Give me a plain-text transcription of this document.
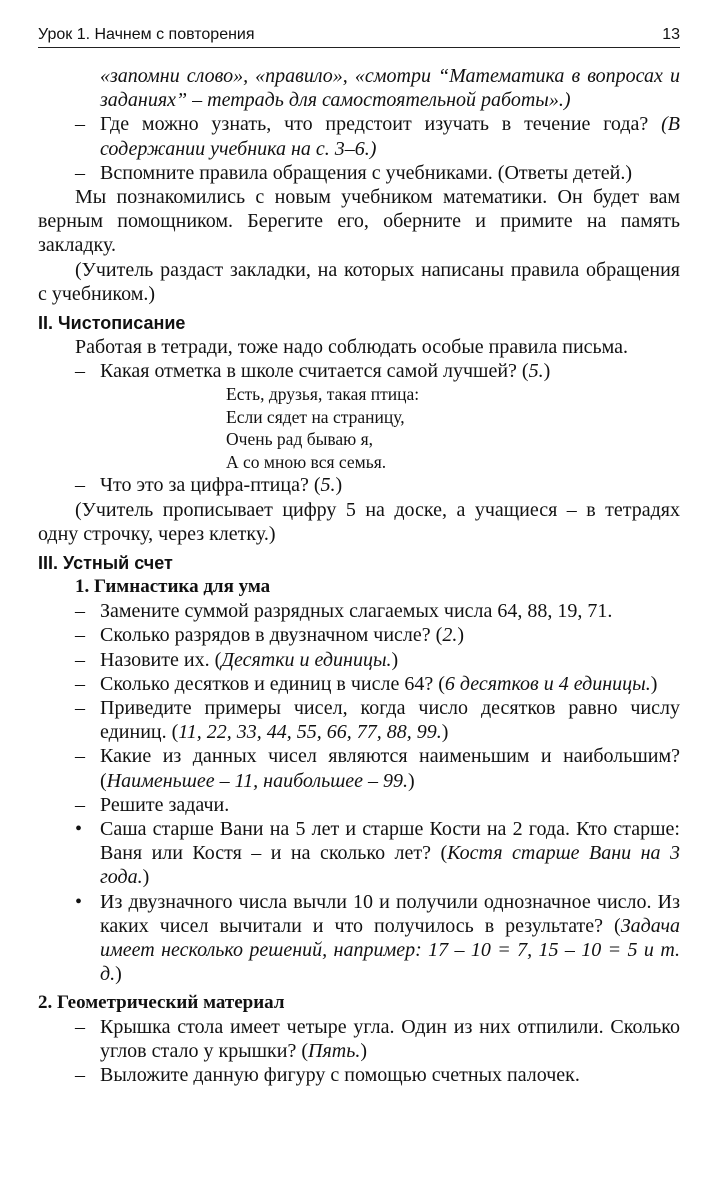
Урок 1. Начнем с повторения	13

«запомни слово», «правило», «смотри “Математика в вопросах и заданиях” – тетрадь для самостоятельной работы».)

– Где можно узнать, что предстоит изучать в течение года? (В содержании учебника на с. 3–6.)
– Вспомните правила обращения с учебниками. (Ответы детей.)

Мы познакомились с новым учебником математики. Он будет вам верным помощником. Берегите его, обернитe и примите на память закладку.

(Учитель раздаст закладки, на которых написаны правила обращения с учебником.)

II. Чистописание

Работая в тетради, тоже надо соблюдать особые правила письма.

– Какая отметка в школе считается самой лучшей? (5.)
Есть, друзья, такая птица:
Если сядет на страницу,
Очень рад бываю я,
А со мною вся семья.
– Что это за цифра-птица? (5.)

(Учитель прописывает цифру 5 на доске, а учащиеся – в тетрадях одну строчку, через клетку.)

III. Устный счет
1. Гимнастика для ума
– Замените суммой разрядных слагаемых числа 64, 88, 19, 71.
– Сколько разрядов в двузначном числе? (2.)
– Назовите их. (Десятки и единицы.)
– Сколько десятков и единиц в числе 64? (6 десятков и 4 единицы.)
– Приведите примеры чисел, когда число десятков равно числу единиц. (11, 22, 33, 44, 55, 66, 77, 88, 99.)
– Какие из данных чисел являются наименьшим и наибольшим? (Наименьшее – 11, наибольшее – 99.)
– Решите задачи.
• Саша старше Вани на 5 лет и старше Кости на 2 года. Кто старше: Ваня или Костя – и на сколько лет? (Костя старше Вани на 3 года.)
• Из двузначного числа вычли 10 и получили однозначное число. Из каких чисел вычитали и что получилось в результате? (Задача имеет несколько решений, например: 17 – 10 = 7, 15 – 10 = 5 и т. д.)
2. Геометрический материал
– Крышка стола имеет четыре угла. Один из них отпилили. Сколько углов стало у крышки? (Пять.)
– Выложите данную фигуру с помощью счетных палочек.
